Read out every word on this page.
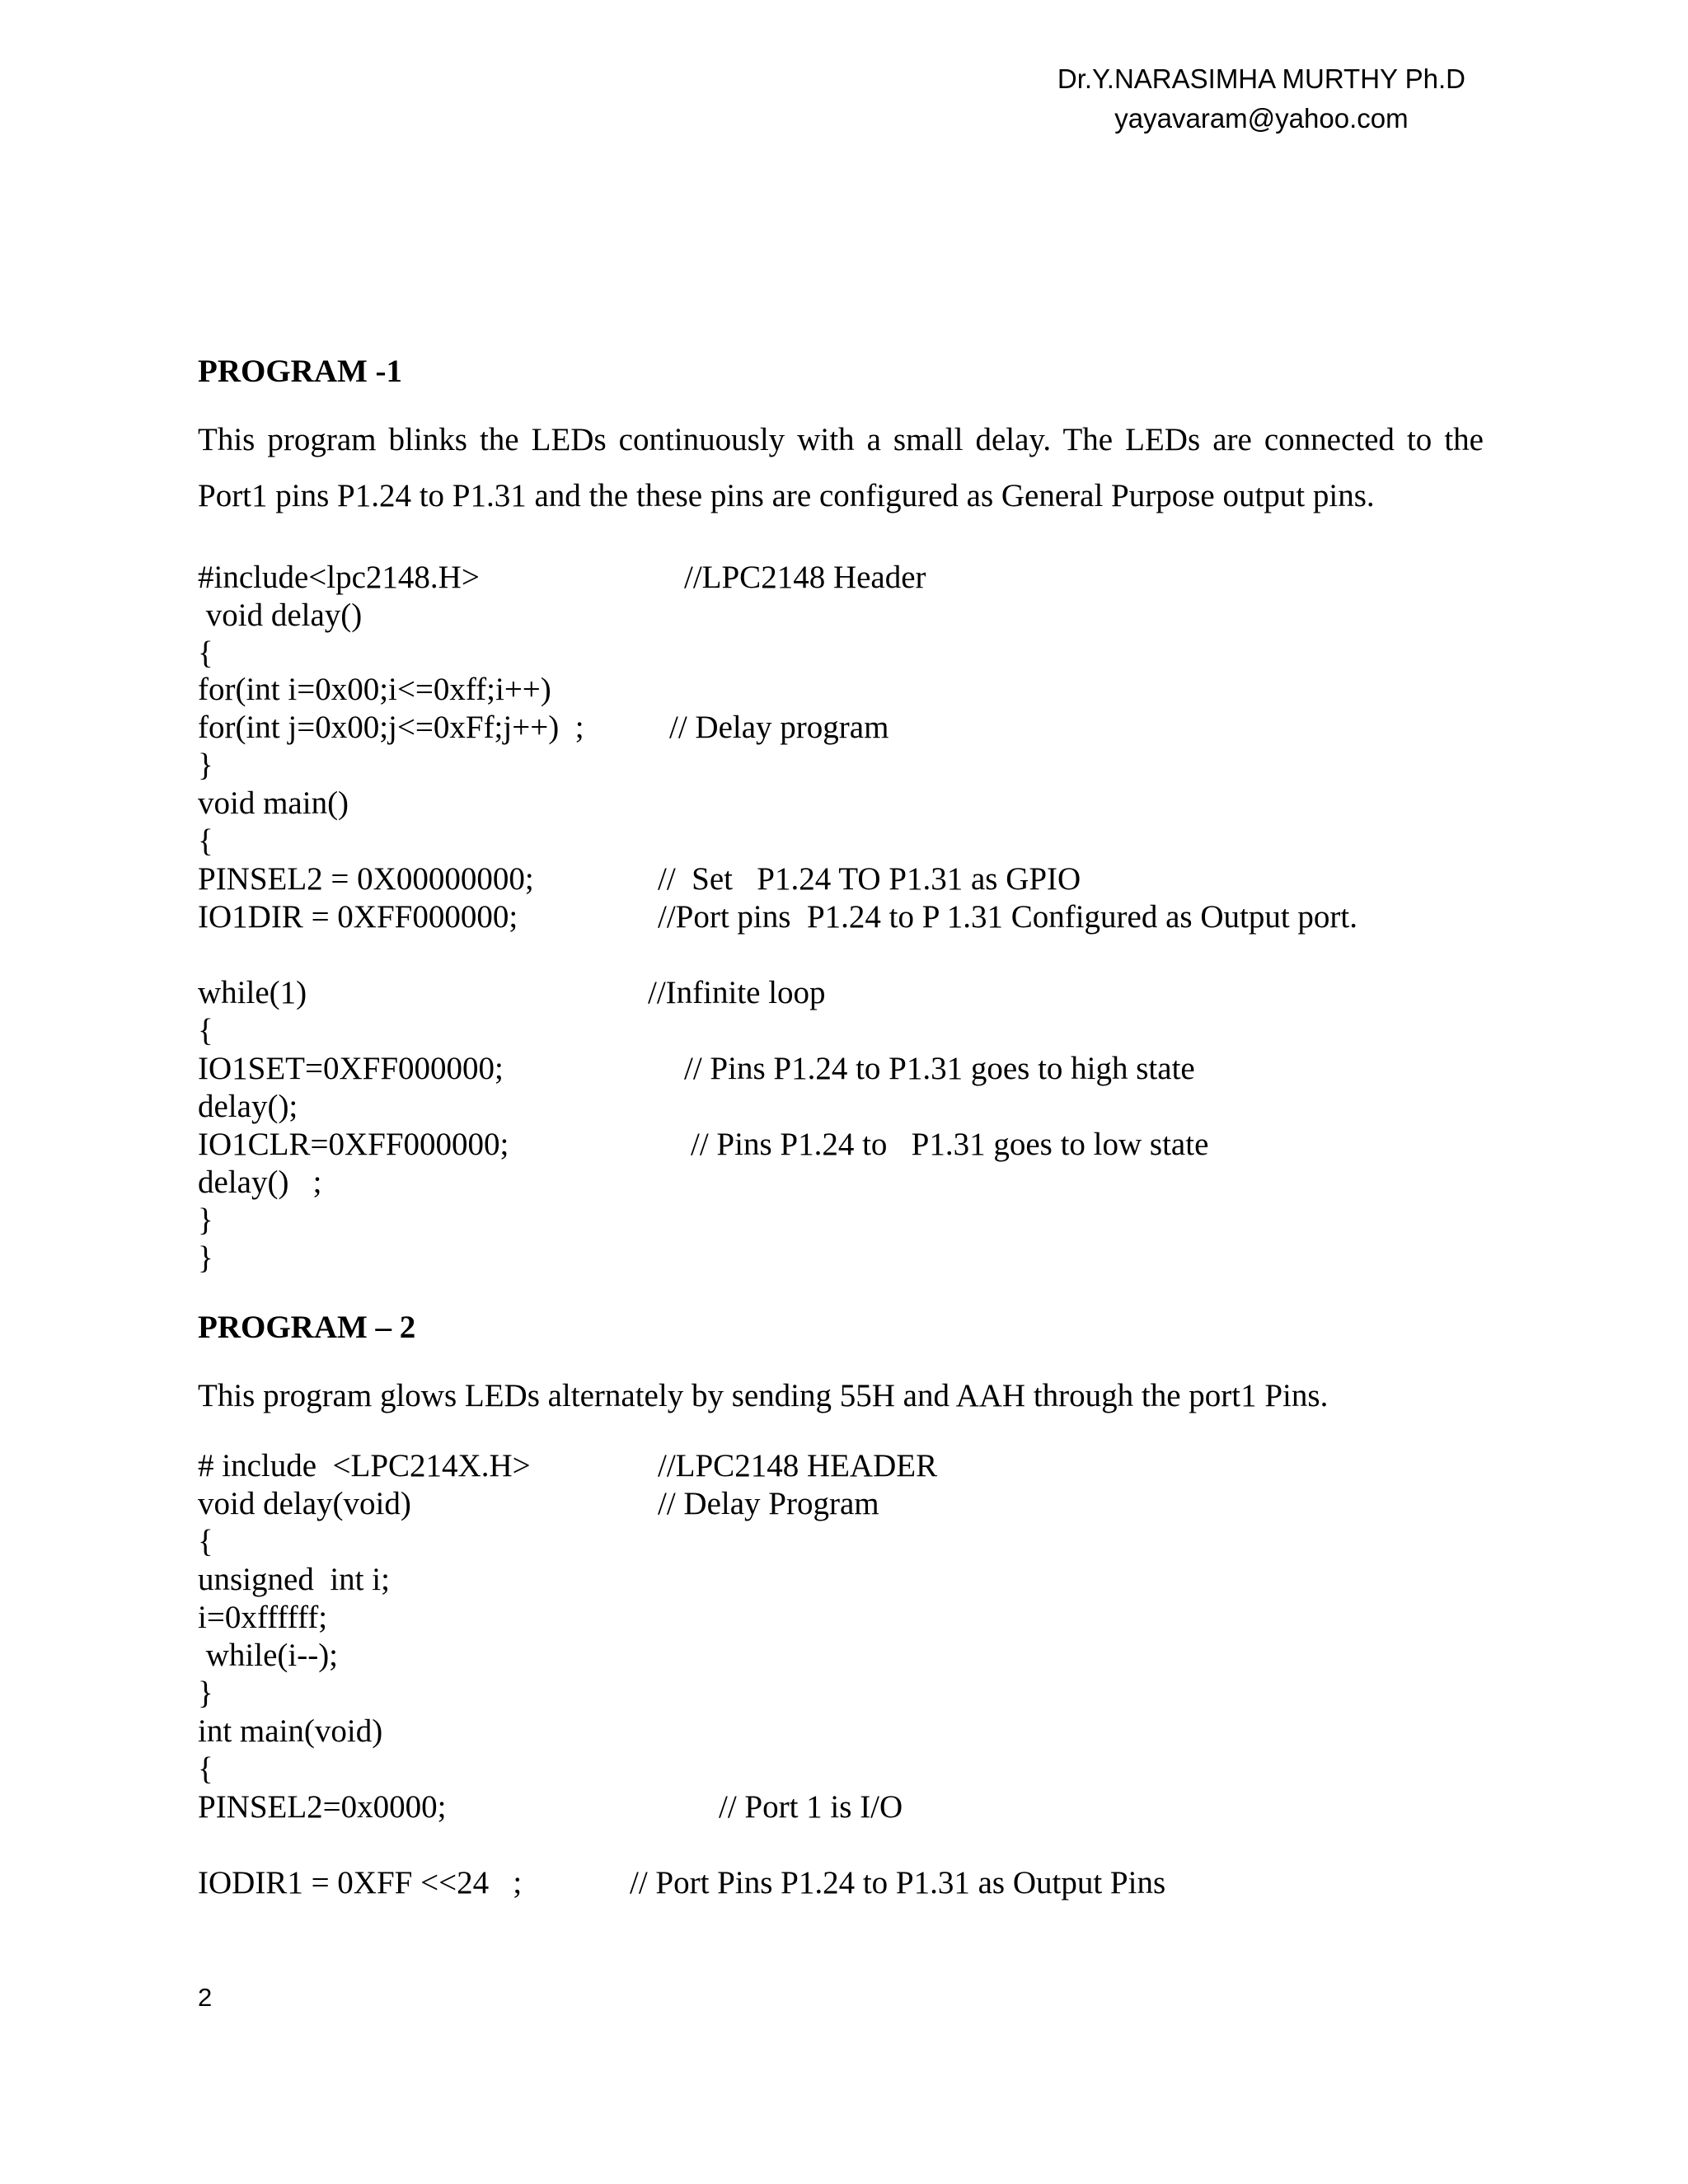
Dr.Y.NARASIMHA MURTHY Ph.D
yayavaram@yahoo.com
PROGRAM -1
This program blinks the LEDs continuously with a small delay. The LEDs are connected to the Port1 pins P1.24 to P1.31 and the these pins are configured as General Purpose output pins.
#include<lpc2148.H>	//LPC2148 Header
void delay()
{
for(int i=0x00;i<=0xff;i++)
for(int j=0x00;j<=0xFf;j++)  ;	// Delay program
}
void main()
{
PINSEL2 = 0X00000000;	//  Set   P1.24 TO P1.31 as GPIO
IO1DIR = 0XFF000000;	//Port pins  P1.24 to P 1.31 Configured as Output port.
while(1)	//Infinite loop
{
IO1SET=0XFF000000;	// Pins P1.24 to P1.31 goes to high state
delay();
IO1CLR=0XFF000000;	// Pins P1.24 to   P1.31 goes to low state
delay()   ;
}
}
PROGRAM – 2
This program glows LEDs alternately by sending 55H and AAH through the port1 Pins.
# include  <LPC214X.H>	//LPC2148 HEADER
void delay(void)	// Delay Program
{
unsigned  int i;
i=0xffffff;
while(i--);
}
int main(void)
{
PINSEL2=0x0000;	// Port 1 is I/O
IODIR1 = 0XFF <<24   ;	// Port Pins P1.24 to P1.31 as Output Pins
2
